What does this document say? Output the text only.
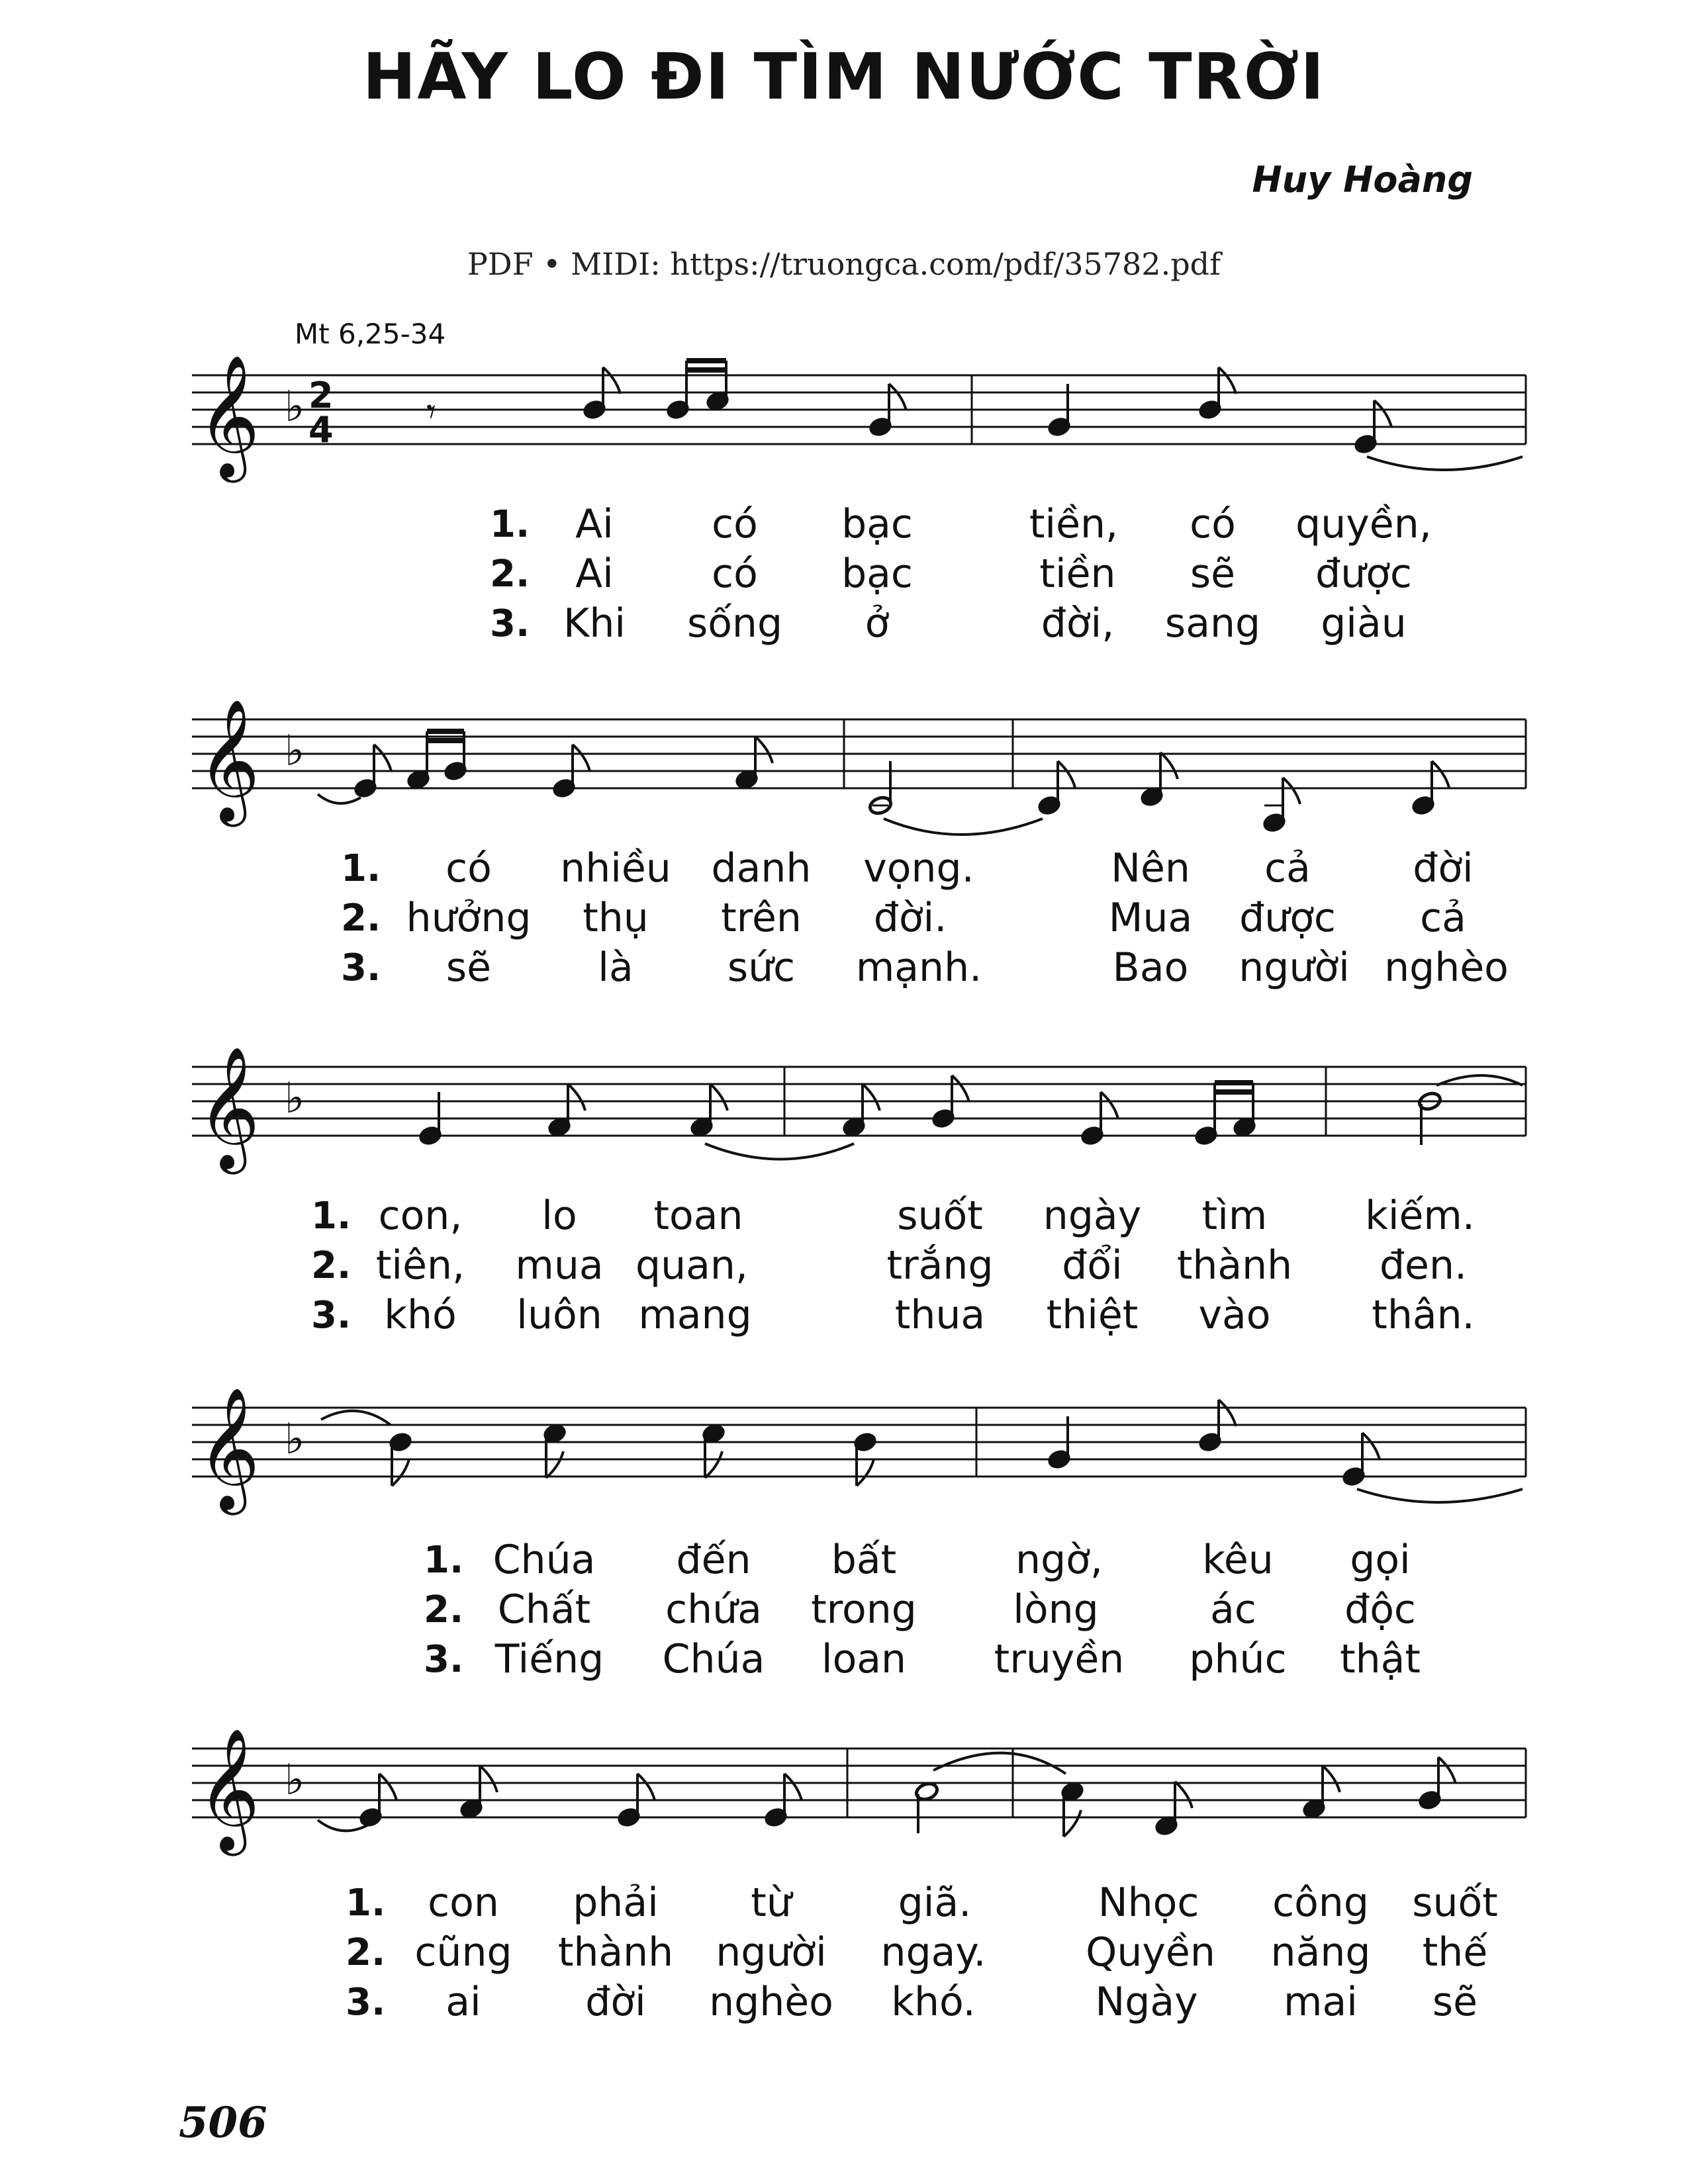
HÃY LO ĐI TÌM NƯỚC TRỜI
Huy Hoàng
PDF • MIDI: https://truongca.com/pdf/35782.pdf
Mt 6,25-34
𝄞 ♭ 2
4	𝄾
1. Ai có bạc	tiền, có quyền,
2. Ai có bạc	tiền sẽ được
3. Khi sống ở	đời, sang giàu
𝄞 ♭
1. có nhiều danh vọng.	Nên cả	đời
2. hưởng thụ trên đời.	Mua được cả
3. sẽ	là sức mạnh.	Bao người nghèo
𝄞 ♭
1. con, lo toan	suốt ngày tìm kiếm.
2. tiên, mua quan,	trắng đổi thành đen.
3. khó luôn mang	thua thiệt vào	thân.
𝄞 ♭
1. Chúa đến bất	ngờ,	kêu gọi
2. Chất chứa trong lòng	ác độc
3. Tiếng Chúa loan truyền phúc thật
𝄞 ♭
1. con phải từ	giã.	Nhọc công suốt
2. cũng thành người ngay.	Quyền năng thế
3. ai	đời nghèo khó.	Ngày mai sẽ
506
